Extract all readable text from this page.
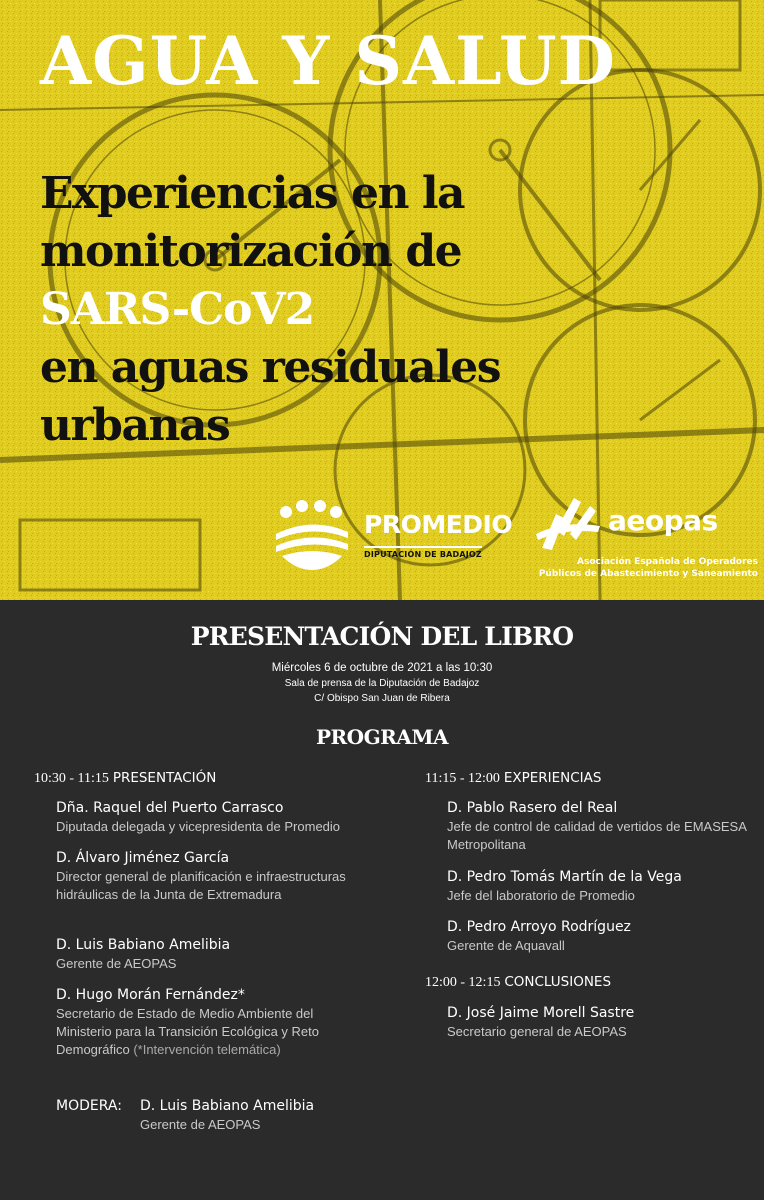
AGUA Y SALUD
Experiencias en la
monitorización de
SARS-CoV2
en aguas residuales
urbanas
PROMEDIO
DIPUTACIÓN DE BADAJOZ
aeopas
Asociación Española de Operadores
Públicos de Abastecimiento y Saneamiento
PRESENTACIÓN DEL LIBRO
Miércoles 6 de octubre de 2021 a las 10:30
Sala de prensa de la Diputación de Badajoz
C/ Obispo San Juan de Ribera
PROGRAMA
10:30 - 11:15 PRESENTACIÓN
Dña. Raquel del Puerto Carrasco
Diputada delegada y vicepresidenta de Promedio
D. Álvaro Jiménez García
Director general de planificación e infraestructuras hidráulicas de la Junta de Extremadura
D. Luis Babiano Amelibia
Gerente de AEOPAS
D. Hugo Morán Fernández*
Secretario de Estado de Medio Ambiente del Ministerio para la Transición Ecológica y Reto Demográfico (*Intervención telemática)
11:15 - 12:00 EXPERIENCIAS
D. Pablo Rasero del Real
Jefe de control de calidad de vertidos de EMASESA Metropolitana
D. Pedro Tomás Martín de la Vega
Jefe del laboratorio de Promedio
D. Pedro Arroyo Rodríguez
Gerente de Aquavall
12:00 - 12:15 CONCLUSIONES
D. José Jaime Morell Sastre
Secretario general de AEOPAS
MODERA: D. Luis Babiano Amelibia
Gerente de AEOPAS
